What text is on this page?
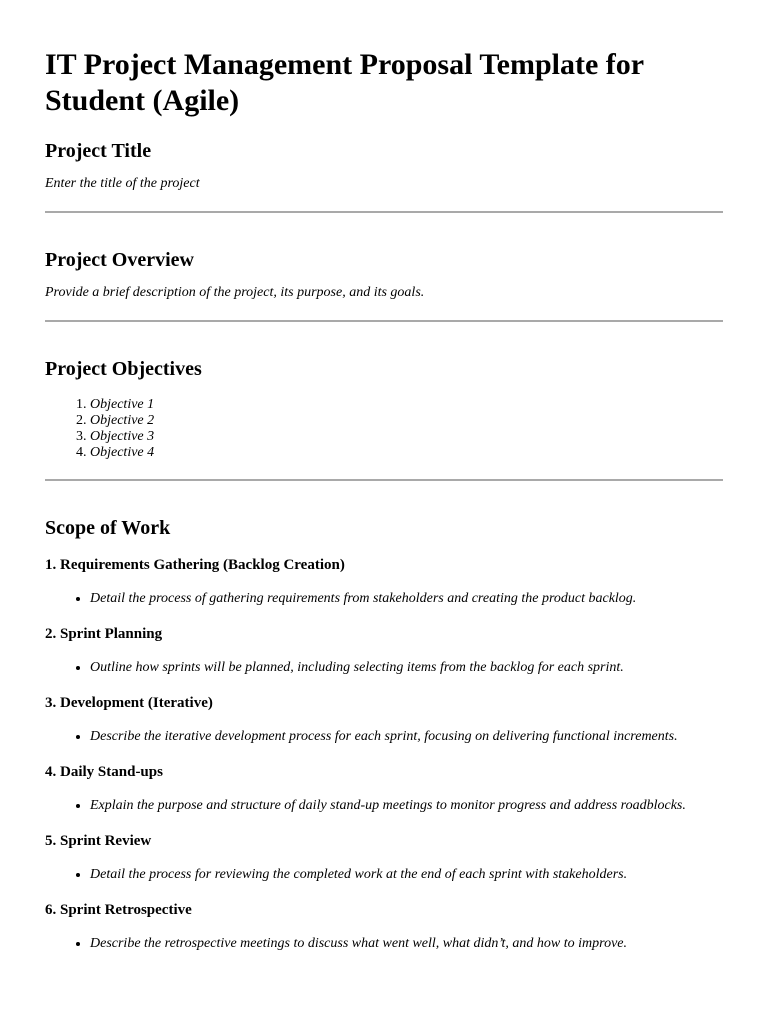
IT Project Management Proposal Template for Student (Agile)
Project Title

Enter the title of the project

Project Overview

Provide a brief description of the project, its purpose, and its goals.

Project Objectives
1. Objective 1
2. Objective 2
3. Objective 3
4. Objective 4
Scope of Work
1. Requirements Gathering (Backlog Creation)
• Detail the process of gathering requirements from stakeholders and creating the product backlog.
2. Sprint Planning
• Outline how sprints will be planned, including selecting items from the backlog for each sprint.
3. Development (Iterative)
• Describe the iterative development process for each sprint, focusing on delivering functional increments.
4. Daily Stand-ups
• Explain the purpose and structure of daily stand-up meetings to monitor progress and address roadblocks.
5. Sprint Review
• Detail the process for reviewing the completed work at the end of each sprint with stakeholders.
6. Sprint Retrospective
• Describe the retrospective meetings to discuss what went well, what didn’t, and how to improve.
